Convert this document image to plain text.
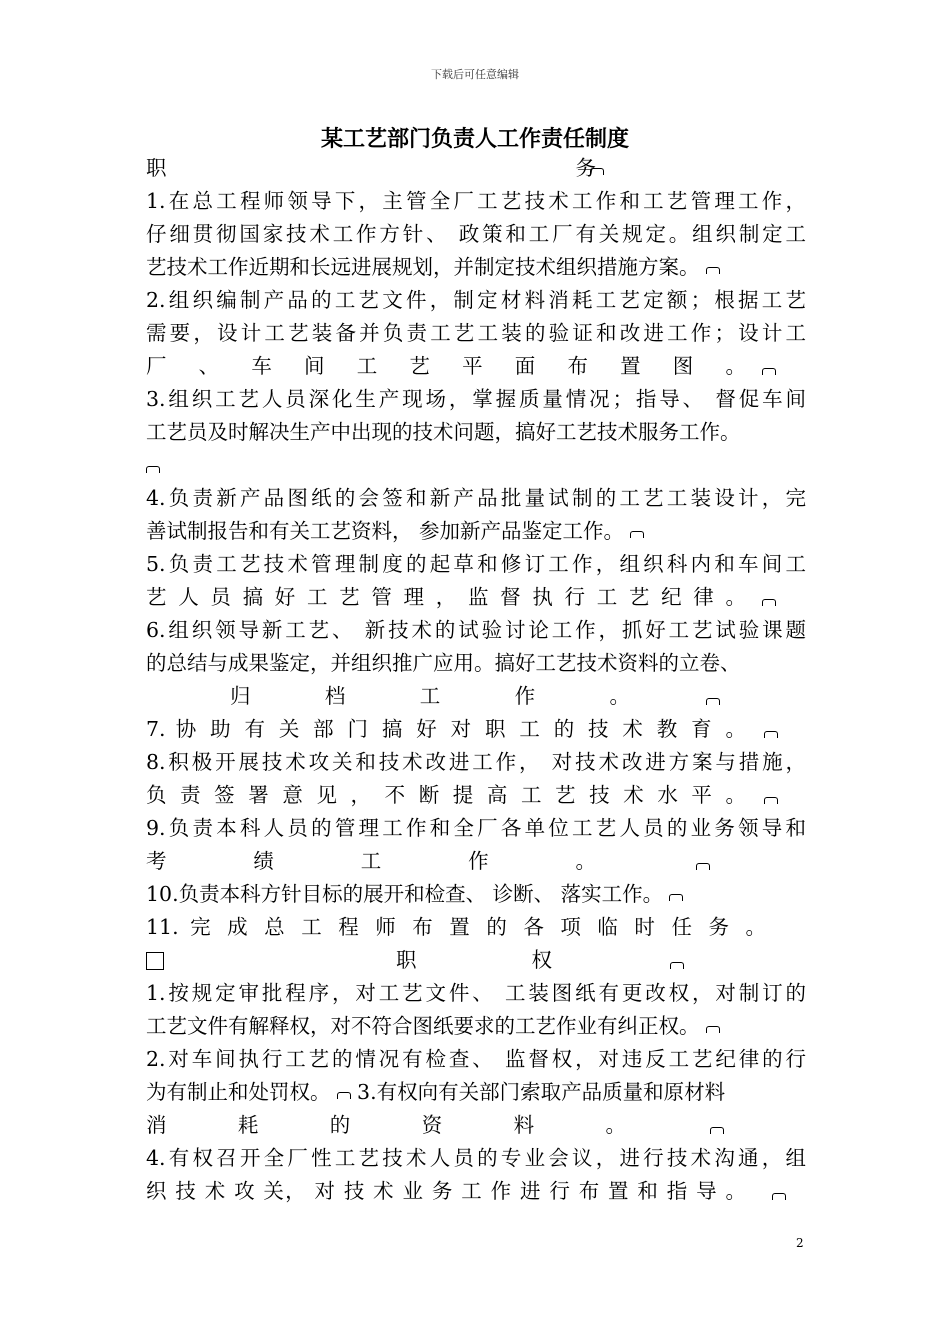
下载后可任意编辑
某工艺部门负责人工作责任制度
职 务
1.在总工程师领导下，主管全厂工艺技术工作和工艺管理工作，
仔细贯彻国家技术工作方针、 政策和工厂有关规定。组织制定工
艺技术工作近期和长远进展规划，并制定技术组织措施方案。
2.组织编制产品的工艺文件，制定材料消耗工艺定额；根据工艺
需要，设计工艺装备并负责工艺工装的验证和改进工作；设计工
厂 、 车 间 工 艺 平 面 布 置 图 。
3.组织工艺人员深化生产现场，掌握质量情况；指导、 督促车间
工艺员及时解决生产中出现的技术问题，搞好工艺技术服务工作。
4.负责新产品图纸的会签和新产品批量试制的工艺工装设计，完
善试制报告和有关工艺资料， 参加新产品鉴定工作。
5.负责工艺技术管理制度的起草和修订工作，组织科内和车间工
艺 人 员 搞 好 工 艺 管 理 ， 监 督 执 行 工 艺 纪 律 。
6.组织领导新工艺、 新技术的试验讨论工作，抓好工艺试验课题
的总结与成果鉴定，并组织推广应用。搞好工艺技术资料的立卷、
归 档 工 作 。
7. 协 助 有 关 部 门 搞 好 对 职 工 的 技 术 教 育 。
8.积极开展技术攻关和技术改进工作， 对技术改进方案与措施，
负 责 签 署 意 见 ， 不 断 提 高 工 艺 技 术 水 平 。
9.负责本科人员的管理工作和全厂各单位工艺人员的业务领导和
考 绩 工 作 。
10.负责本科方针目标的展开和检查、 诊断、 落实工作。
11. 完 成 总 工 程 师 布 置 的 各 项 临 时 任 务 。
职 权
1.按规定审批程序，对工艺文件、 工装图纸有更改权，对制订的
工艺文件有解释权，对不符合图纸要求的工艺作业有纠正权。
2.对车间执行工艺的情况有检查、 监督权，对违反工艺纪律的行
为有制止和处罚权。 3.有权向有关部门索取产品质量和原材料
消 耗 的 资 料 。
4.有权召开全厂性工艺技术人员的专业会议，进行技术沟通，组
织 技 术 攻 关， 对 技 术 业 务 工 作 进 行 布 置 和 指 导 。
2
